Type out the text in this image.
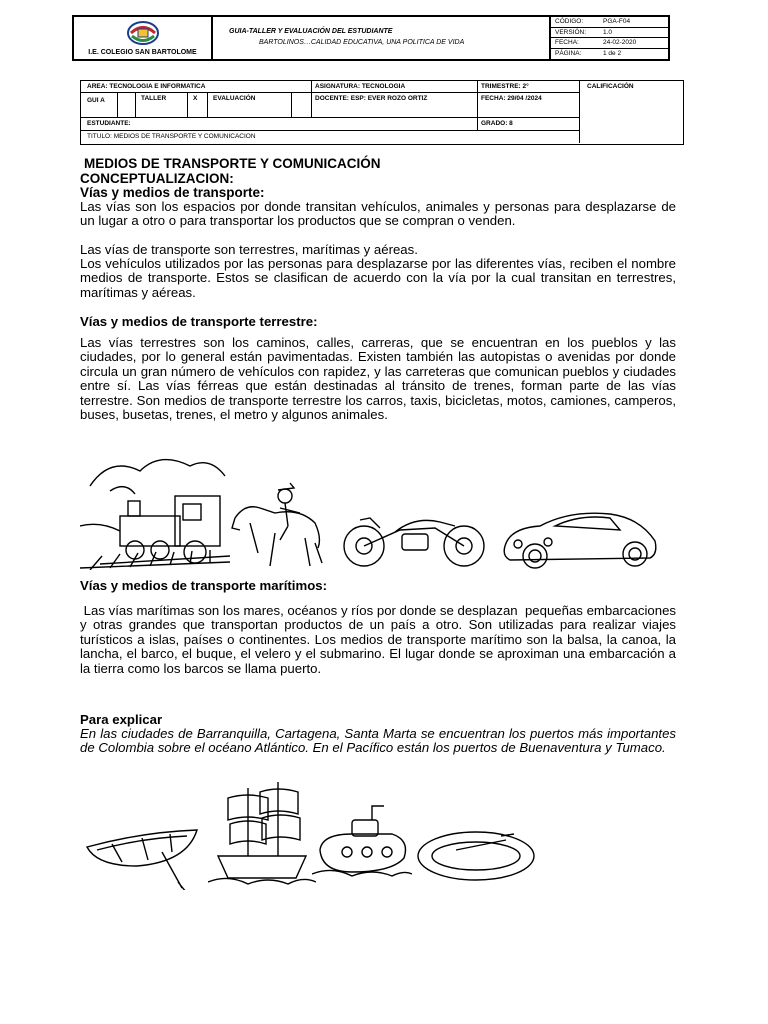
I.E. COLEGIO SAN BARTOLOME
GUIA-TALLER Y EVALUACIÓN DEL ESTUDIANTE
BARTOLINOS…CALIDAD EDUCATIVA, UNA POLITICA DE VIDA
CÓDIGO:	PGA-F04
VERSIÓN:	1.0
FECHA:	24-02-2020
PÁGINA:	1 de 2
AREA: TECNOLOGIA E INFORMATICA	ASIGNATURA: TECNOLOGIA	TRIMESTRE: 2°	CALIFICACIÓN
GUI A	TALLER	X EVALUACIÓN	DOCENTE: ESP: EVER ROZO ORTIZ	FECHA: 29/04 /2024
ESTUDIANTE:	GRADO: 8
TITULO: MEDIOS DE TRANSPORTE Y COMUNICACION
MEDIOS DE TRANSPORTE Y COMUNICACIÓN
CONCEPTUALIZACION:
Vías y medios de transporte:
Las vías son los espacios por donde transitan vehículos, animales y personas para desplazarse de un lugar a otro o para transportar los productos que se compran o venden.
Las vías de transporte son terrestres, marítimas y aéreas.
Los vehículos utilizados por las personas para desplazarse por las diferentes vías, reciben el nombre medios de transporte. Estos se clasifican de acuerdo con la vía por la cual transitan en terrestres, marítimas y aéreas.
Vías y medios de transporte terrestre:
Las vías terrestres son los caminos, calles, carreras, que se encuentran en los pueblos y las ciudades, por lo general están pavimentadas. Existen también las autopistas o avenidas por donde circula un gran número de vehículos con rapidez, y las carreteras que comunican pueblos y ciudades entre sí. Las vías férreas que están destinadas al tránsito de trenes, forman parte de las vías terrestre. Son medios de transporte terrestre los carros, taxis, bicicletas, motos, camiones, camperos, buses, busetas, trenes, el metro y algunos animales.
Vías y medios de transporte marítimos:
Las vías marítimas son los mares, océanos y ríos por donde se desplazan  pequeñas embarcaciones y otras grandes que transportan productos de un país a otro. Son utilizadas para realizar viajes turísticos a islas, países o continentes. Los medios de transporte marítimo son la balsa, la canoa, la lancha, el barco, el buque, el velero y el submarino. El lugar donde se aproximan una embarcación a la tierra como los barcos se llama puerto.
Para explicar
En las ciudades de Barranquilla, Cartagena, Santa Marta se encuentran los puertos más importantes de Colombia sobre el océano Atlántico. En el Pacífico están los puertos de Buenaventura y Tumaco.
